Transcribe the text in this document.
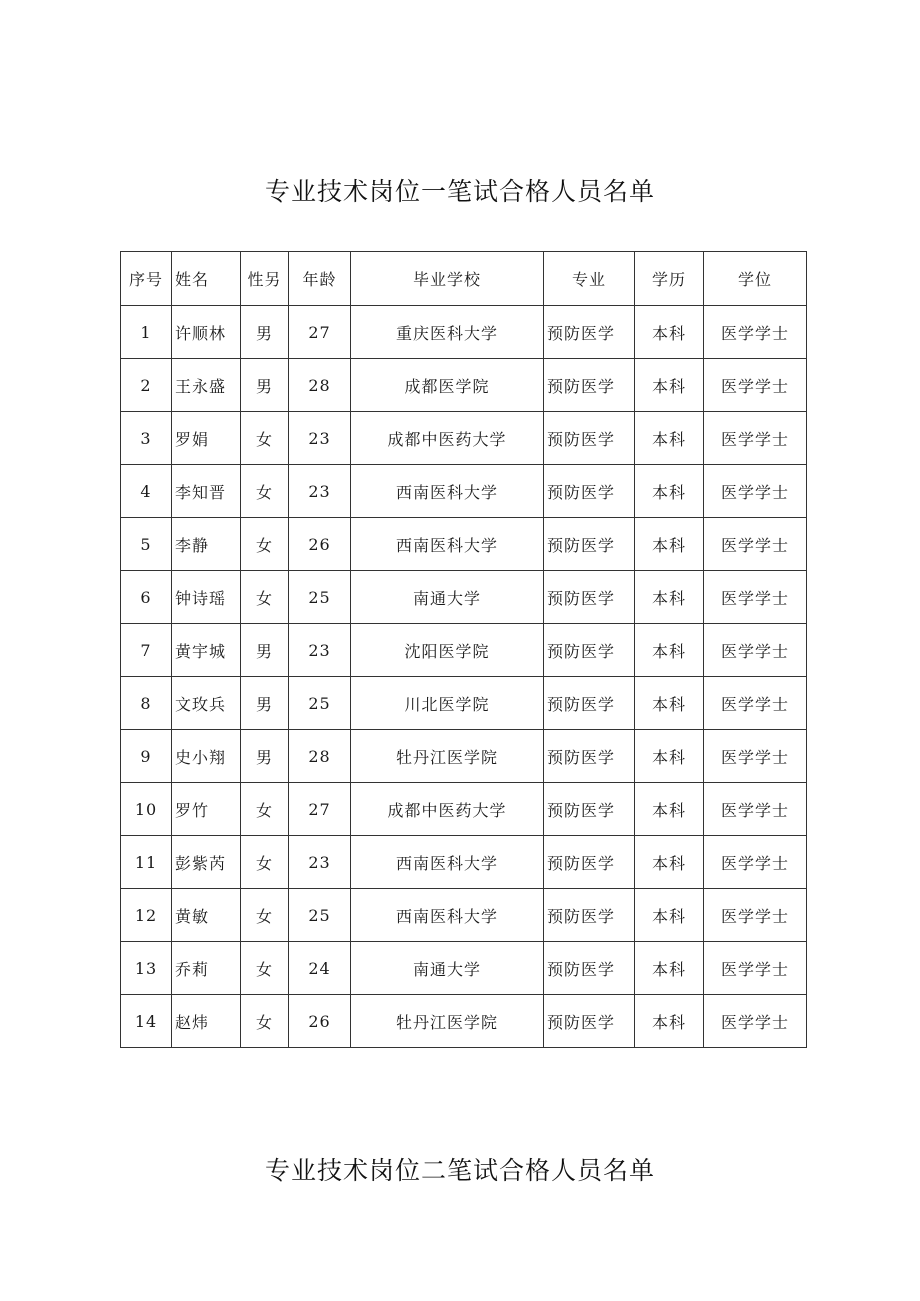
专业技术岗位一笔试合格人员名单
序号	姓名	性另	年龄	毕业学校	专业	学历	学位
1	许顺林	男	27	重庆医科大学	预防医学	本科	医学学士
2	王永盛	男	28	成都医学院	预防医学	本科	医学学士
3	罗娟	女	23	成都中医药大学	预防医学	本科	医学学士
4	李知晋	女	23	西南医科大学	预防医学	本科	医学学士
5	李静	女	26	西南医科大学	预防医学	本科	医学学士
6	钟诗瑶	女	25	南通大学	预防医学	本科	医学学士
7	黄宇城	男	23	沈阳医学院	预防医学	本科	医学学士
8	文玫兵	男	25	川北医学院	预防医学	本科	医学学士
9	史小翔	男	28	牡丹江医学院	预防医学	本科	医学学士
10	罗竹	女	27	成都中医药大学	预防医学	本科	医学学士
11	彭紫芮	女	23	西南医科大学	预防医学	本科	医学学士
12	黄敏	女	25	西南医科大学	预防医学	本科	医学学士
13	乔莉	女	24	南通大学	预防医学	本科	医学学士
14	赵炜	女	26	牡丹江医学院	预防医学	本科	医学学士
专业技术岗位二笔试合格人员名单
